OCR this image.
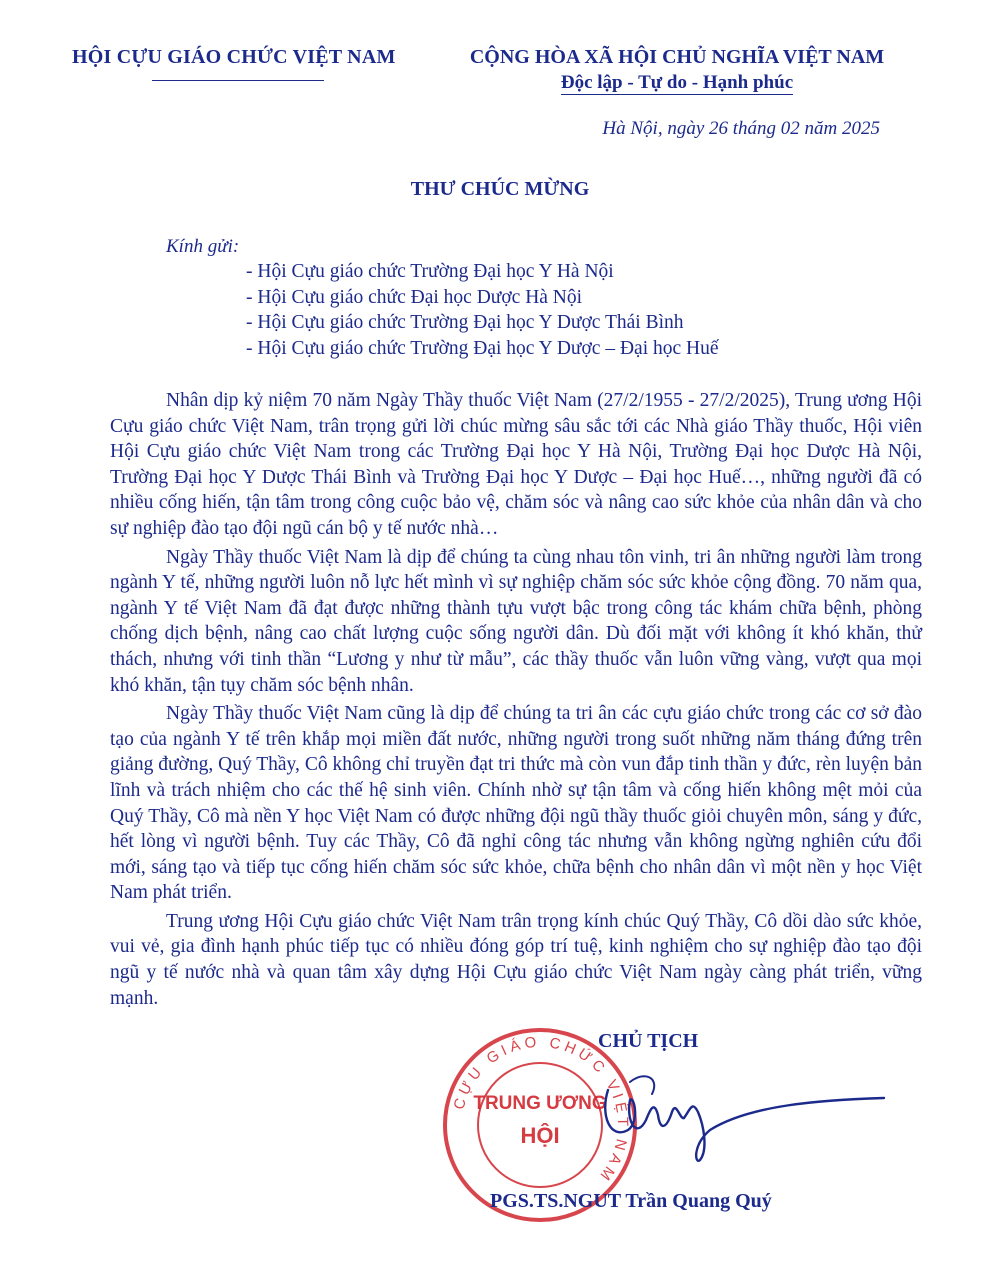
HỘI CỰU GIÁO CHỨC VIỆT NAM	CỘNG HÒA XÃ HỘI CHỦ NGHĨA VIỆT NAM
Độc lập - Tự do - Hạnh phúc
Hà Nội, ngày 26 tháng 02 năm 2025
THƯ CHÚC MỪNG
Kính gửi:
- Hội Cựu giáo chức Trường Đại học Y Hà Nội
- Hội Cựu giáo chức Đại học Dược Hà Nội
- Hội Cựu giáo chức Trường Đại học Y Dược Thái Bình
- Hội Cựu giáo chức Trường Đại học Y Dược – Đại học Huế

Nhân dịp kỷ niệm 70 năm Ngày Thầy thuốc Việt Nam (27/2/1955 - 27/2/2025), Trung ương Hội Cựu giáo chức Việt Nam, trân trọng gửi lời chúc mừng sâu sắc tới các Nhà giáo Thầy thuốc, Hội viên Hội Cựu giáo chức Việt Nam trong các Trường Đại học Y Hà Nội, Trường Đại học Dược Hà Nội, Trường Đại học Y Dược Thái Bình và Trường Đại học Y Dược – Đại học Huế…, những người đã có nhiều cống hiến, tận tâm trong công cuộc bảo vệ, chăm sóc và nâng cao sức khỏe của nhân dân và cho sự nghiệp đào tạo đội ngũ cán bộ y tế nước nhà…

Ngày Thầy thuốc Việt Nam là dịp để chúng ta cùng nhau tôn vinh, tri ân những người làm trong ngành Y tế, những người luôn nỗ lực hết mình vì sự nghiệp chăm sóc sức khỏe cộng đồng. 70 năm qua, ngành Y tế Việt Nam đã đạt được những thành tựu vượt bậc trong công tác khám chữa bệnh, phòng chống dịch bệnh, nâng cao chất lượng cuộc sống người dân. Dù đối mặt với không ít khó khăn, thử thách, nhưng với tinh thần “Lương y như từ mẫu”, các thầy thuốc vẫn luôn vững vàng, vượt qua mọi khó khăn, tận tụy chăm sóc bệnh nhân.

Ngày Thầy thuốc Việt Nam cũng là dịp để chúng ta tri ân các cựu giáo chức trong các cơ sở đào tạo của ngành Y tế trên khắp mọi miền đất nước, những người trong suốt những năm tháng đứng trên giảng đường, Quý Thầy, Cô không chỉ truyền đạt tri thức mà còn vun đắp tinh thần y đức, rèn luyện bản lĩnh và trách nhiệm cho các thế hệ sinh viên. Chính nhờ sự tận tâm và cống hiến không mệt mỏi của Quý Thầy, Cô mà nền Y học Việt Nam có được những đội ngũ thầy thuốc giỏi chuyên môn, sáng y đức, hết lòng vì người bệnh. Tuy các Thầy, Cô đã nghỉ công tác nhưng vẫn không ngừng nghiên cứu đổi mới, sáng tạo và tiếp tục cống hiến chăm sóc sức khỏe, chữa bệnh cho nhân dân vì một nền y học Việt Nam phát triển.

Trung ương Hội Cựu giáo chức Việt Nam trân trọng kính chúc Quý Thầy, Cô dồi dào sức khỏe, vui vẻ, gia đình hạnh phúc tiếp tục có nhiều đóng góp trí tuệ, kinh nghiệm cho sự nghiệp đào tạo đội ngũ y tế nước nhà và quan tâm xây dựng Hội Cựu giáo chức Việt Nam ngày càng phát triển, vững mạnh.

CỰU GIÁO CHỨC VIỆT NAM
TRUNG ƯƠNG
HỘI
CHỦ TỊCH
PGS.TS.NGUT Trần Quang Quý
